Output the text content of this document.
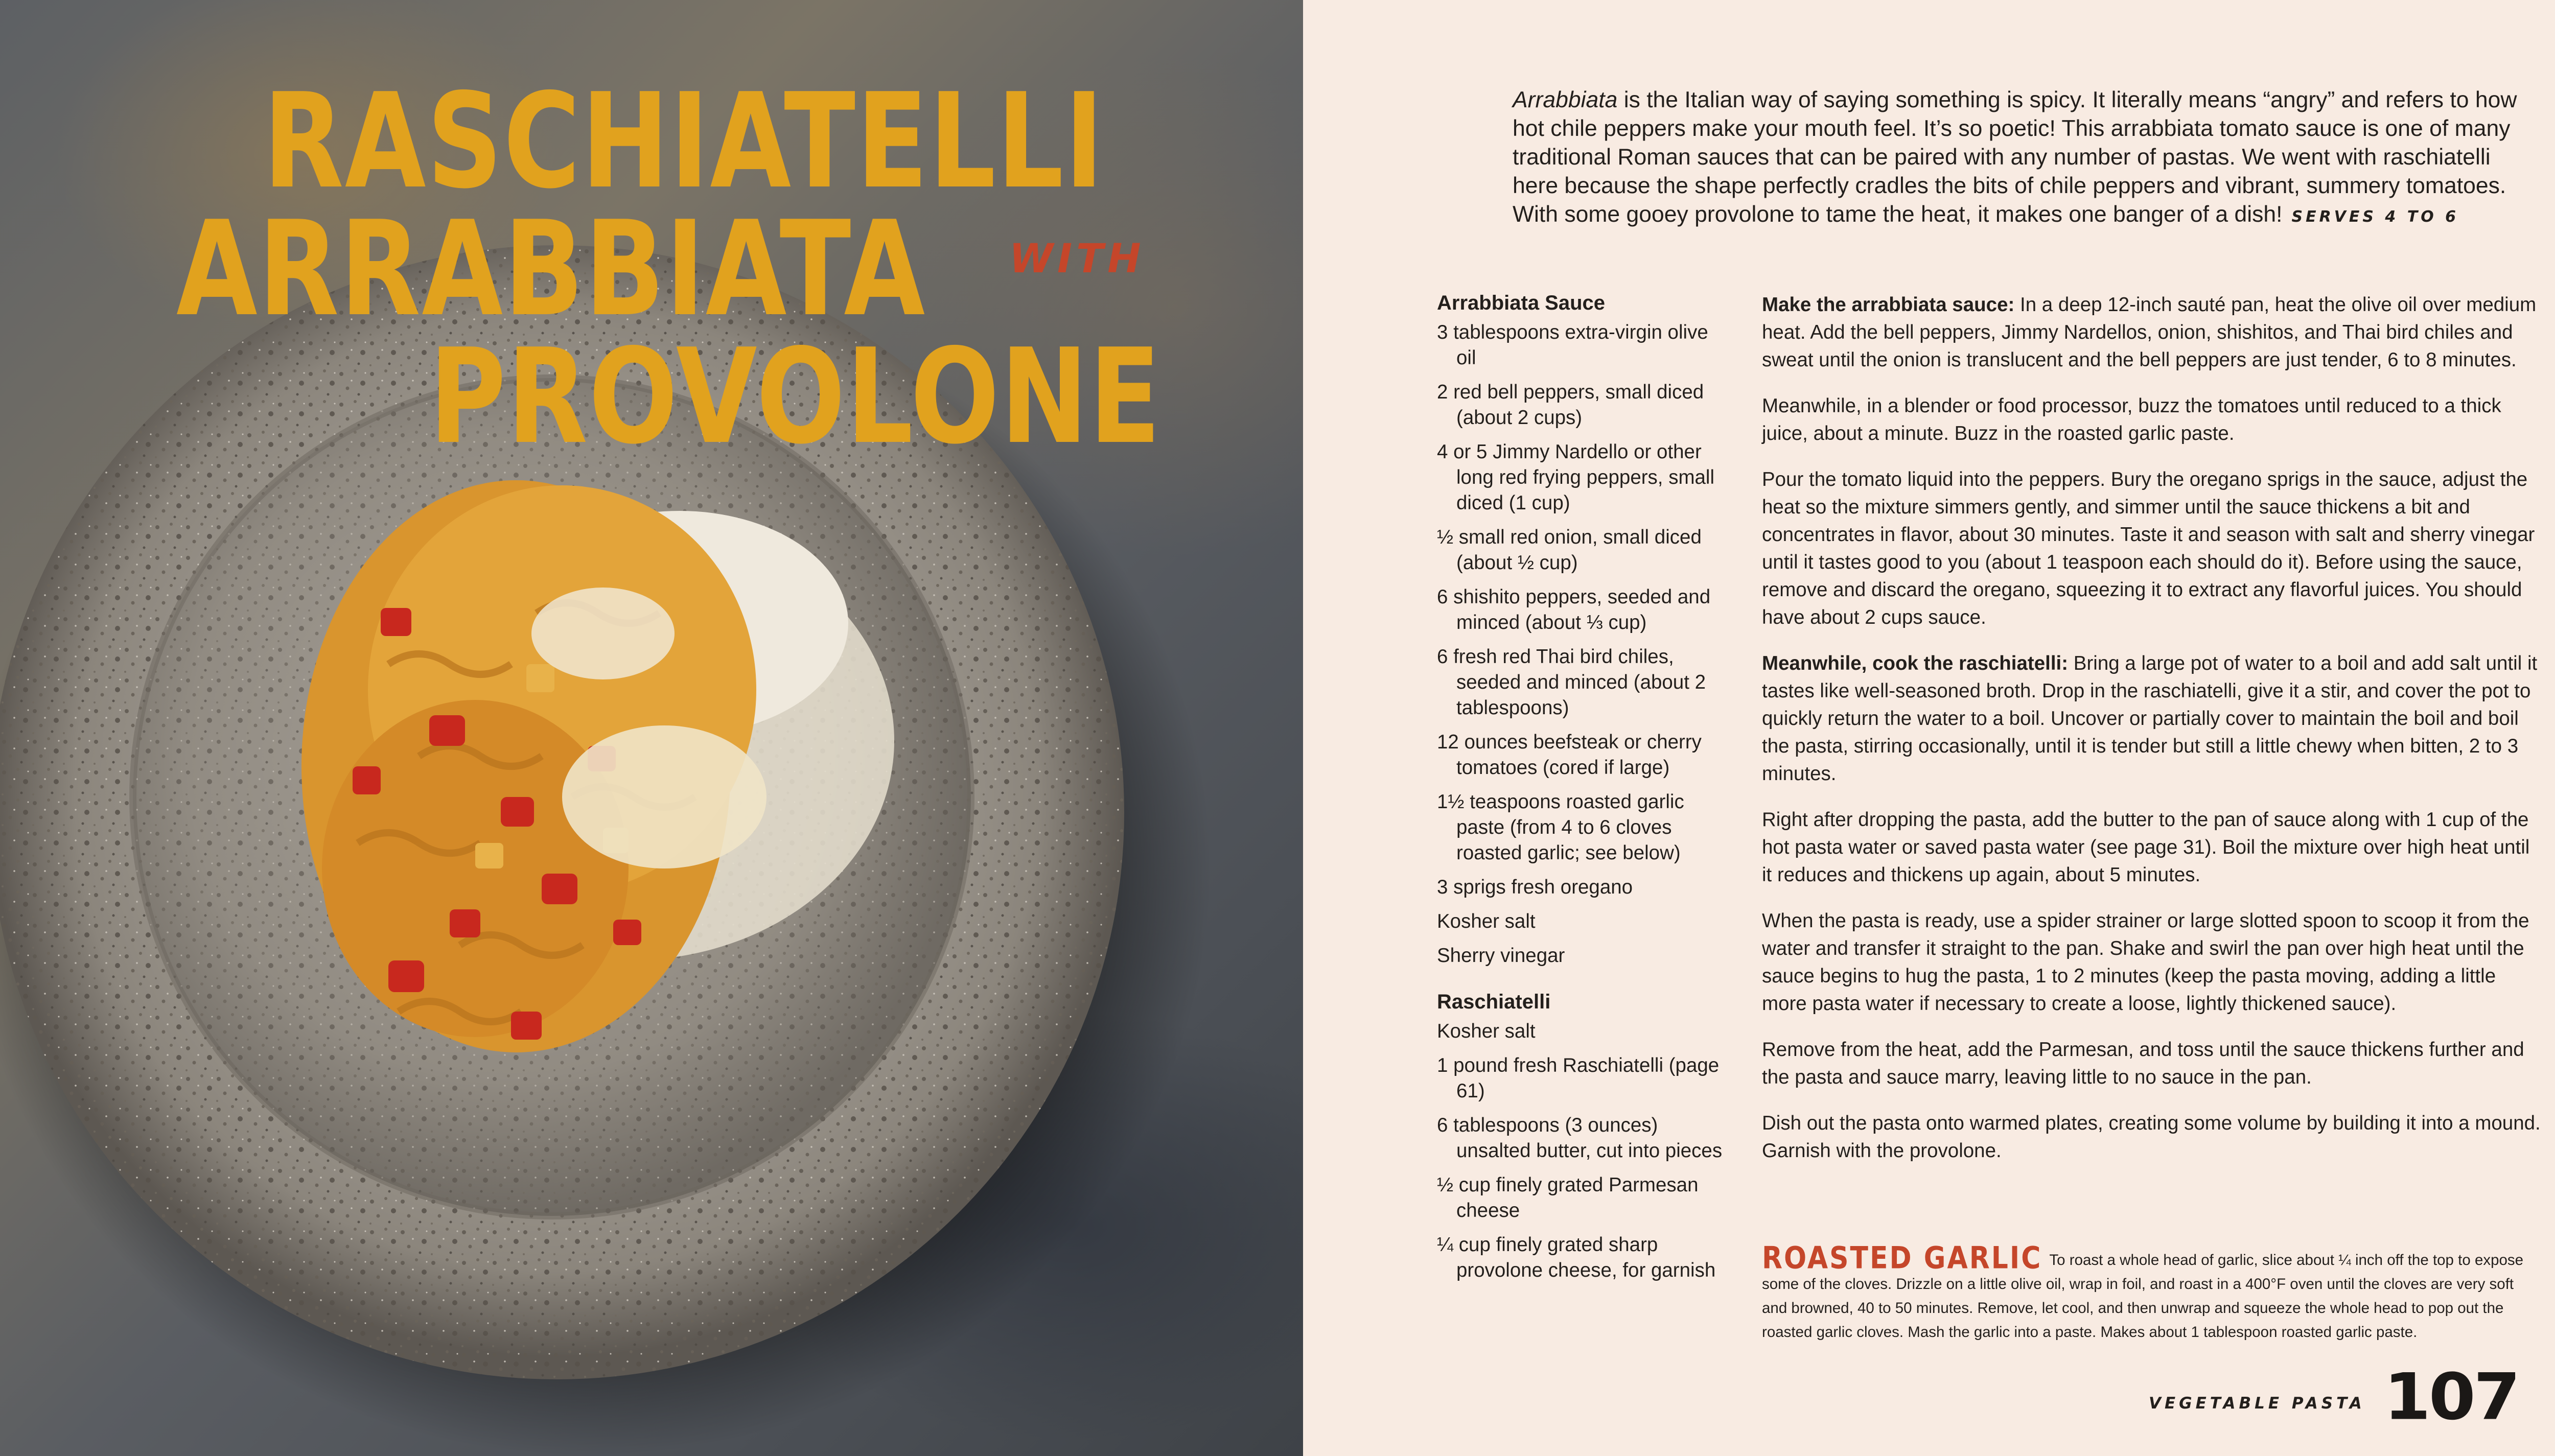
RASCHIATELLI
ARRABBIATA WITH
PROVOLONE
Arrabbiata is the Italian way of saying something is spicy. It literally means “angry” and refers to how hot chile peppers make your mouth feel. It’s so poetic! This arrabbiata tomato sauce is one of many traditional Roman sauces that can be paired with any number of pastas. We went with raschiatelli here because the shape perfectly cradles the bits of chile peppers and vibrant, summery tomatoes. With some gooey provolone to tame the heat, it makes one banger of a dish! SERVES 4 TO 6
Arrabbiata Sauce
3 tablespoons extra-virgin olive oil
2 red bell peppers, small diced (about 2 cups)
4 or 5 Jimmy Nardello or other long red frying peppers, small diced (1 cup)
½ small red onion, small diced (about ½ cup)
6 shishito peppers, seeded and minced (about ⅓ cup)
6 fresh red Thai bird chiles, seeded and minced (about 2 tablespoons)
12 ounces beefsteak or cherry tomatoes (cored if large)
1½ teaspoons roasted garlic paste (from 4 to 6 cloves roasted garlic; see below)
3 sprigs fresh oregano
Kosher salt
Sherry vinegar
Raschiatelli
Kosher salt
1 pound fresh Raschiatelli (page 61)
6 tablespoons (3 ounces) unsalted butter, cut into pieces
½ cup finely grated Parmesan cheese
¼ cup finely grated sharp provolone cheese, for garnish

Make the arrabbiata sauce: In a deep 12-inch sauté pan, heat the olive oil over medium heat. Add the bell peppers, Jimmy Nardellos, onion, shishitos, and Thai bird chiles and sweat until the onion is translucent and the bell peppers are just tender, 6 to 8 minutes.

Meanwhile, in a blender or food processor, buzz the tomatoes until reduced to a thick juice, about a minute. Buzz in the roasted garlic paste.

Pour the tomato liquid into the peppers. Bury the oregano sprigs in the sauce, adjust the heat so the mixture simmers gently, and simmer until the sauce thickens a bit and concentrates in flavor, about 30 minutes. Taste it and season with salt and sherry vinegar until it tastes good to you (about 1 teaspoon each should do it). Before using the sauce, remove and discard the oregano, squeezing it to extract any flavorful juices. You should have about 2 cups sauce.

Meanwhile, cook the raschiatelli: Bring a large pot of water to a boil and add salt until it tastes like well-seasoned broth. Drop in the raschiatelli, give it a stir, and cover the pot to quickly return the water to a boil. Uncover or partially cover to maintain the boil and boil the pasta, stirring occasionally, until it is tender but still a little chewy when bitten, 2 to 3 minutes.

Right after dropping the pasta, add the butter to the pan of sauce along with 1 cup of the hot pasta water or saved pasta water (see page 31). Boil the mixture over high heat until it reduces and thickens up again, about 5 minutes.

When the pasta is ready, use a spider strainer or large slotted spoon to scoop it from the water and transfer it straight to the pan. Shake and swirl the pan over high heat until the sauce begins to hug the pasta, 1 to 2 minutes (keep the pasta moving, adding a little more pasta water if necessary to create a loose, lightly thickened sauce).

Remove from the heat, add the Parmesan, and toss until the sauce thickens further and the pasta and sauce marry, leaving little to no sauce in the pan.

Dish out the pasta onto warmed plates, creating some volume by building it into a mound. Garnish with the provolone.

ROASTED GARLIC To roast a whole head of garlic, slice about ¼ inch off the top to expose some of the cloves. Drizzle on a little olive oil, wrap in foil, and roast in a 400°F oven until the cloves are very soft and browned, 40 to 50 minutes. Remove, let cool, and then unwrap and squeeze the whole head to pop out the roasted garlic cloves. Mash the garlic into a paste. Makes about 1 tablespoon roasted garlic paste.
VEGETABLE PASTA 107
